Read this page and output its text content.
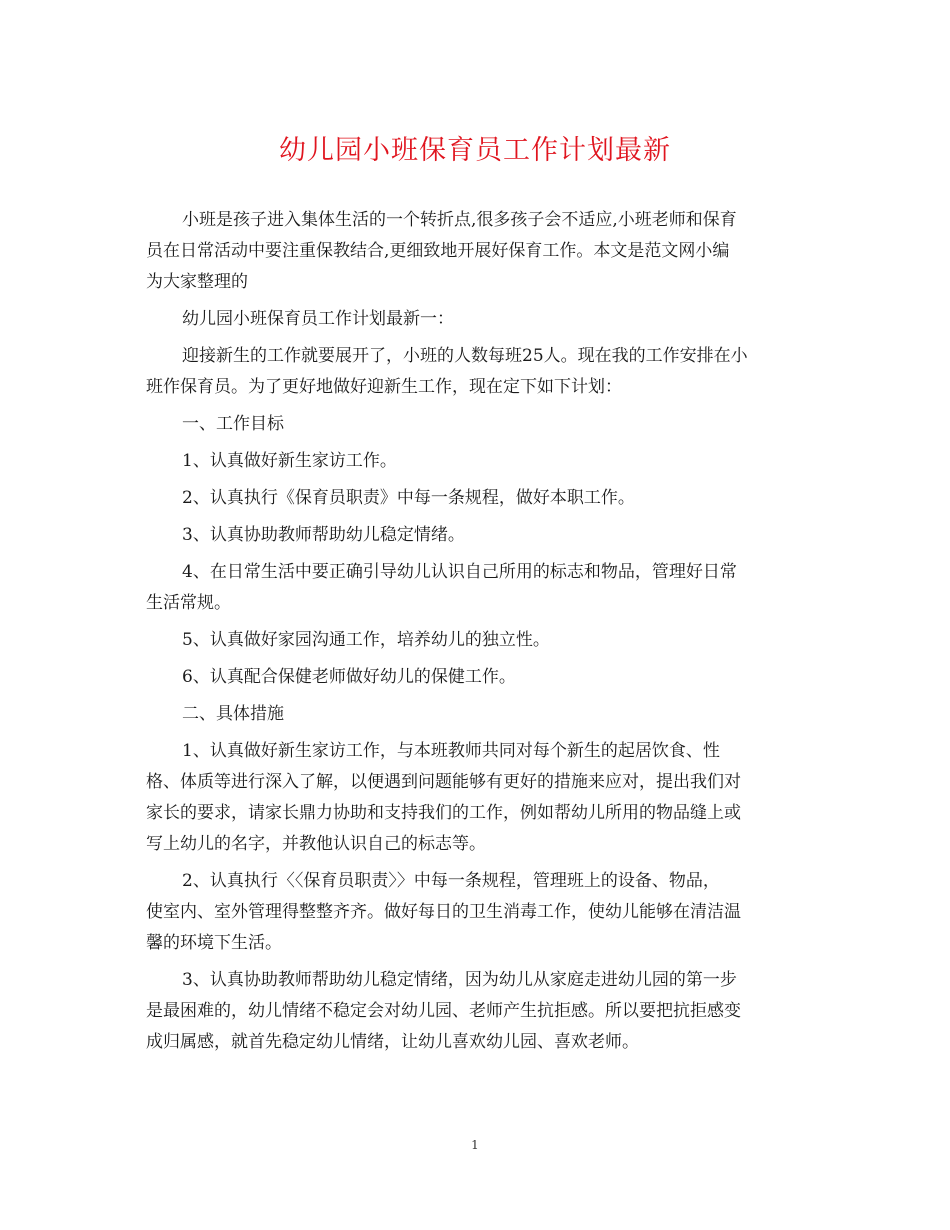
幼儿园小班保育员工作计划最新

小班是孩子进入集体生活的一个转折点,很多孩子会不适应,小班老师和保育
员在日常活动中要注重保教结合,更细致地开展好保育工作。本文是范文网小编
为大家整理的

幼儿园小班保育员工作计划最新一：

迎接新生的工作就要展开了，小班的人数每班25人。现在我的工作安排在小
班作保育员。为了更好地做好迎新生工作，现在定下如下计划：

一、工作目标

1、认真做好新生家访工作。

2、认真执行《保育员职责》中每一条规程，做好本职工作。

3、认真协助教师帮助幼儿稳定情绪。

4、在日常生活中要正确引导幼儿认识自己所用的标志和物品，管理好日常
生活常规。

5、认真做好家园沟通工作，培养幼儿的独立性。

6、认真配合保健老师做好幼儿的保健工作。

二、具体措施

1、认真做好新生家访工作，与本班教师共同对每个新生的起居饮食、性
格、体质等进行深入了解，以便遇到问题能够有更好的措施来应对，提出我们对
家长的要求，请家长鼎力协助和支持我们的工作，例如帮幼儿所用的物品缝上或
写上幼儿的名字，并教他认识自己的标志等。

2、认真执行〈〈保育员职责〉〉中每一条规程，管理班上的设备、物品，
使室内、室外管理得整整齐齐。做好每日的卫生消毒工作，使幼儿能够在清洁温
馨的环境下生活。

3、认真协助教师帮助幼儿稳定情绪，因为幼儿从家庭走进幼儿园的第一步
是最困难的，幼儿情绪不稳定会对幼儿园、老师产生抗拒感。所以要把抗拒感变
成归属感，就首先稳定幼儿情绪，让幼儿喜欢幼儿园、喜欢老师。

1
